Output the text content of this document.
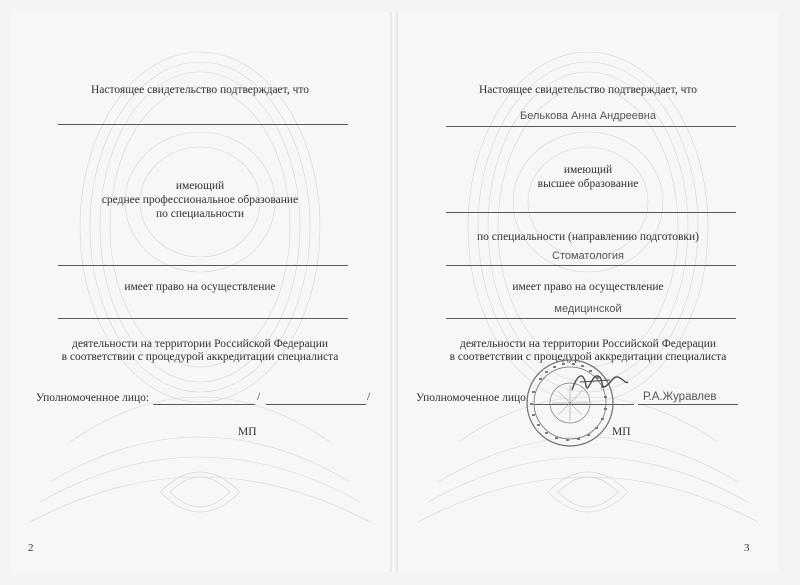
Настоящее свидетельство подтверждает, что
имеющий
среднее профессиональное образование
по специальности
имеет право на осуществление
деятельности на территории Российской Федерации
в соответствии с процедурой аккредитации специалиста
Уполномоченное лицо:	/	/
МП
2
Настоящее свидетельство подтверждает, что
Белькова Анна Андреевна
имеющий
высшее образование
по специальности (направлению подготовки)
Стоматология
имеет право на осуществление
медицинской
деятельности на территории Российской Федерации
в соответствии с процедурой аккредитации специалиста
Уполномоченное лицо:	Р.А.Журавлев
МП
3
